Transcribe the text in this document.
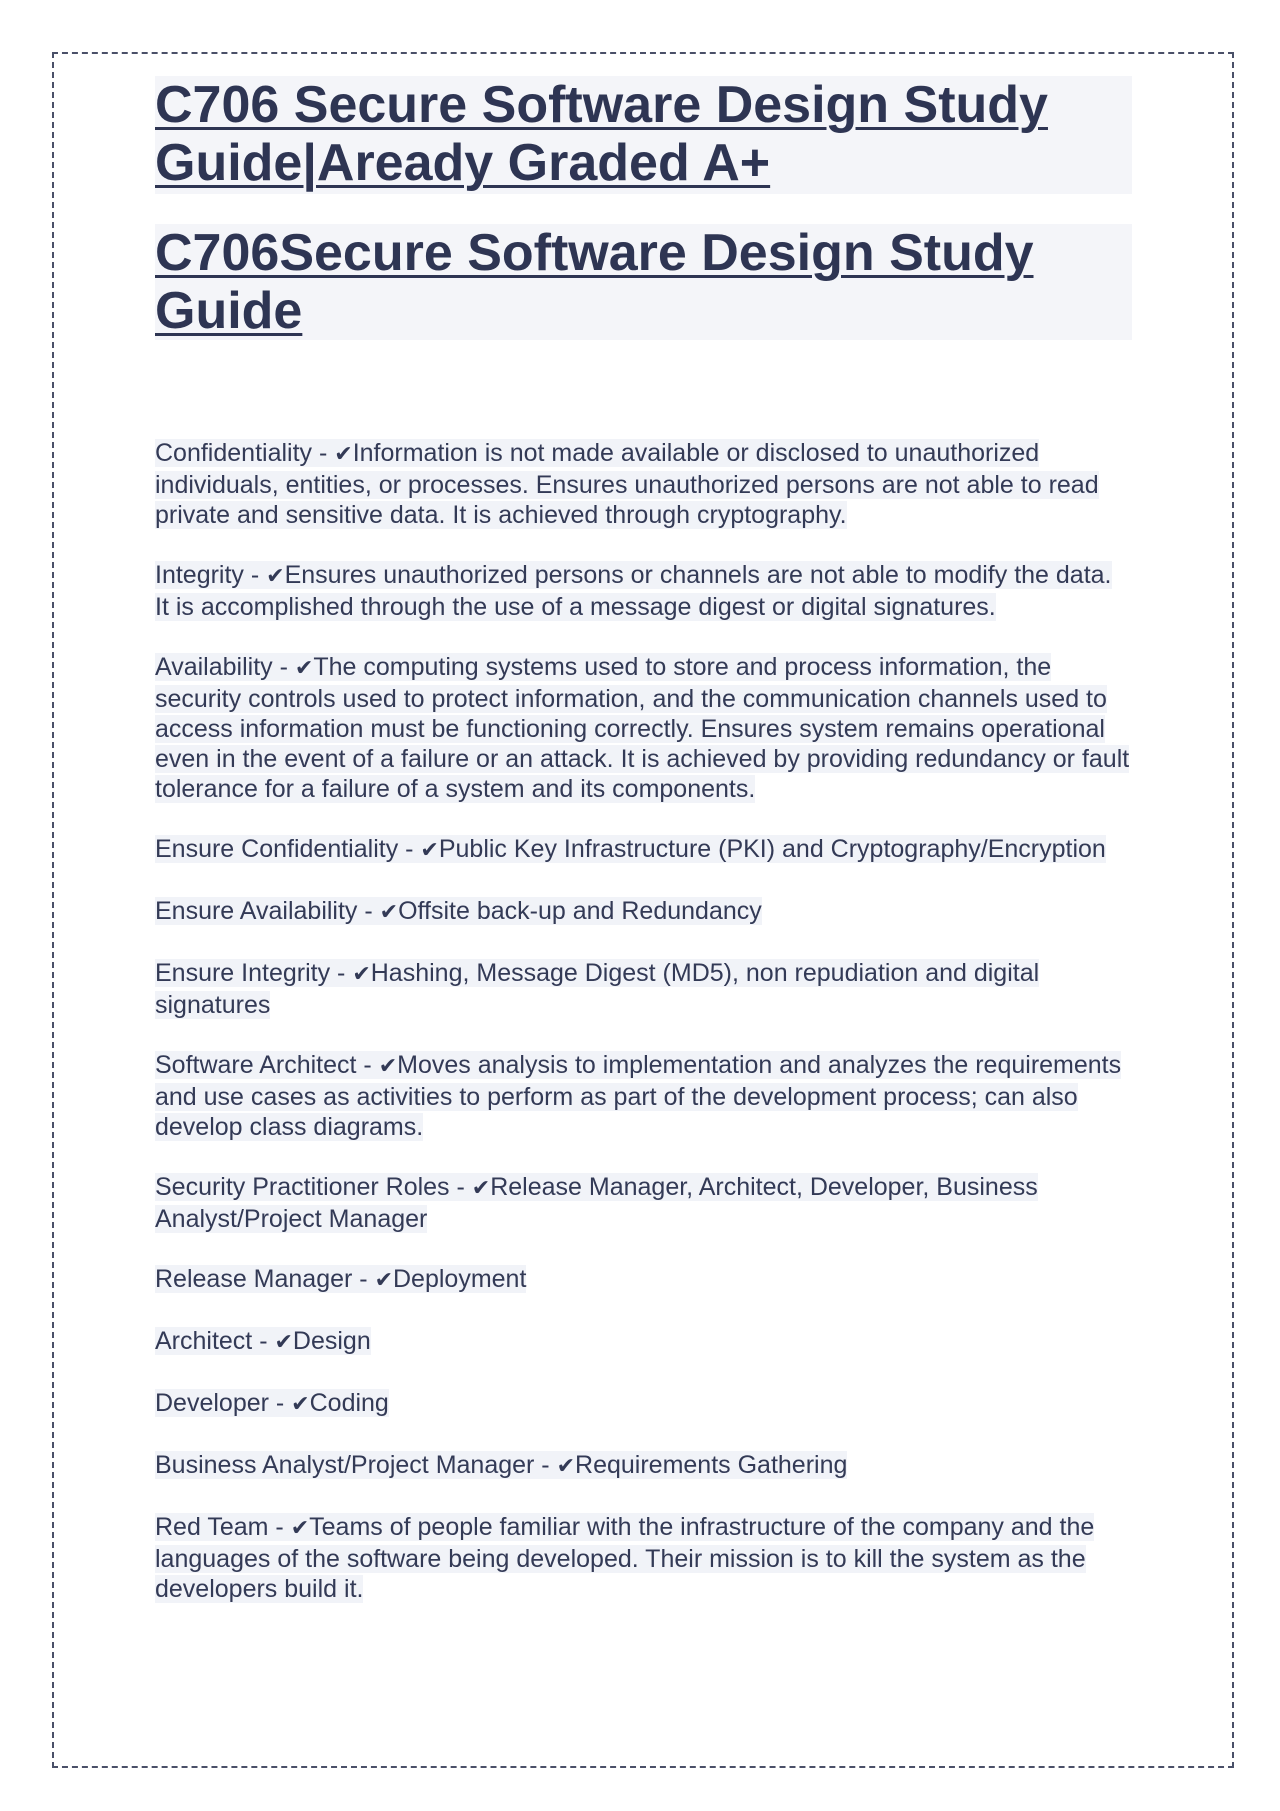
C706 Secure Software Design Study Guide|Aready Graded A+
C706Secure Software Design Study Guide

Confidentiality - ✔Information is not made available or disclosed to unauthorized individuals, entities, or processes. Ensures unauthorized persons are not able to read private and sensitive data. It is achieved through cryptography.

Integrity - ✔Ensures unauthorized persons or channels are not able to modify the data. It is accomplished through the use of a message digest or digital signatures.

Availability - ✔The computing systems used to store and process information, the security controls used to protect information, and the communication channels used to access information must be functioning correctly. Ensures system remains operational even in the event of a failure or an attack. It is achieved by providing redundancy or fault tolerance for a failure of a system and its components.

Ensure Confidentiality - ✔Public Key Infrastructure (PKI) and Cryptography/Encryption

Ensure Availability - ✔Offsite back-up and Redundancy

Ensure Integrity - ✔Hashing, Message Digest (MD5), non repudiation and digital signatures

Software Architect - ✔Moves analysis to implementation and analyzes the requirements and use cases as activities to perform as part of the development process; can also develop class diagrams.

Security Practitioner Roles - ✔Release Manager, Architect, Developer, Business Analyst/Project Manager

Release Manager - ✔Deployment

Architect - ✔Design

Developer - ✔Coding

Business Analyst/Project Manager - ✔Requirements Gathering

Red Team - ✔Teams of people familiar with the infrastructure of the company and the languages of the software being developed. Their mission is to kill the system as the developers build it.
